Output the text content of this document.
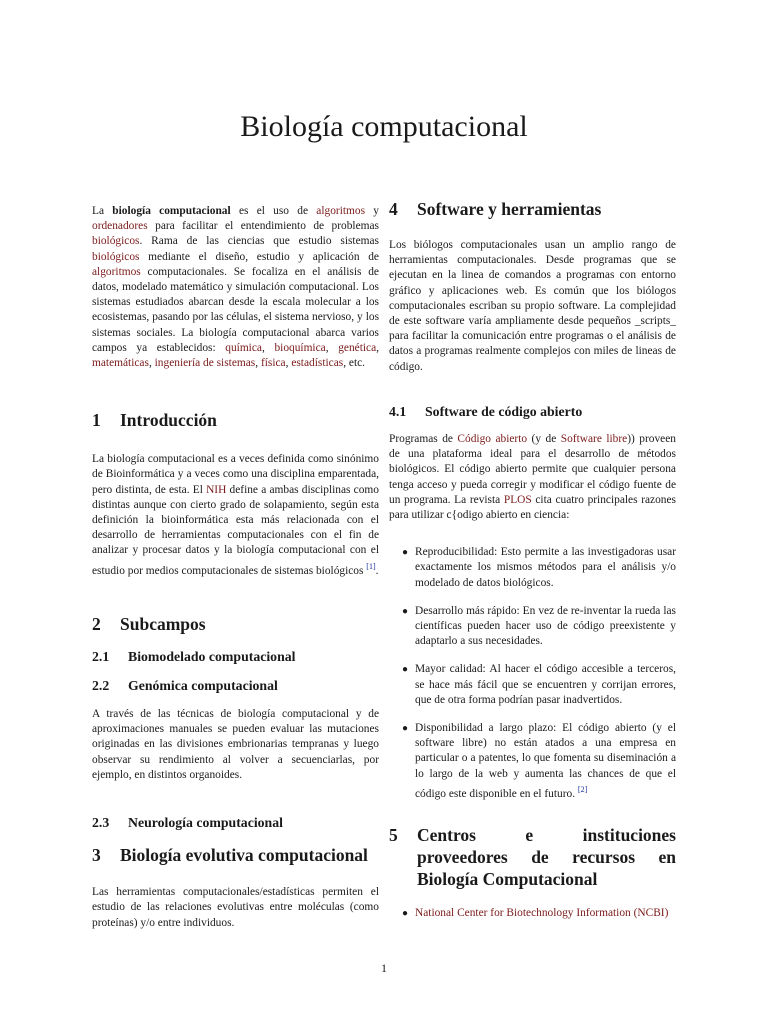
Biología computacional

La biología computacional es el uso de algoritmos y ordenadores para facilitar el entendimiento de problemas biológicos. Rama de las ciencias que estudio sistemas biológicos mediante el diseño, estudio y aplicación de algoritmos computacionales. Se focaliza en el análisis de datos, modelado matemático y simulación computacional. Los sistemas estudiados abarcan desde la escala molecular a los ecosistemas, pasando por las células, el sistema nervioso, y los sistemas sociales. La biología computacional abarca varios campos ya establecidos: química, bioquímica, genética, matemáticas, ingeniería de sistemas, física, estadísticas, etc.

1	Introducción

La biología computacional es a veces definida como sinónimo de Bioinformática y a veces como una disciplina emparentada, pero distinta, de esta. El NIH define a ambas disciplinas como distintas aunque con cierto grado de solapamiento, según esta definición la bioinformática esta más relacionada con el desarrollo de herramientas computacionales con el fin de analizar y procesar datos y la biología computacional con el estudio por medios computacionales de sistemas biológicos [1].

2	Subcampos
2.1	Biomodelado computacional
2.2	Genómica computacional

A través de las técnicas de biología computacional y de aproximaciones manuales se pueden evaluar las mutaciones originadas en las divisiones embrionarias tempranas y luego observar su rendimiento al volver a secuenciarlas, por ejemplo, en distintos organoides.

2.3	Neurología computacional
3	Biología evolutiva computacional

Las herramientas computacionales/estadísticas permiten el estudio de las relaciones evolutivas entre moléculas (como proteínas) y/o entre individuos.

4	Software y herramientas

Los biólogos computacionales usan un amplio rango de herramientas computacionales. Desde programas que se ejecutan en la linea de comandos a programas con entorno gráfico y aplicaciones web. Es común que los biólogos computacionales escriban su propio software. La complejidad de este software varía ampliamente desde pequeños _scripts_ para facilitar la comunicación entre programas o el análisis de datos a programas realmente complejos con miles de lineas de código.

4.1	Software de código abierto

Programas de Código abierto (y de Software libre)) proveen de una plataforma ideal para el desarrollo de métodos biológicos. El código abierto permite que cualquier persona tenga acceso y pueda corregir y modificar el código fuente de un programa. La revista PLOS cita cuatro principales razones para utilizar c{odigo abierto en ciencia:

● Reproducibilidad: Esto permite a las investigadoras usar exactamente los mismos métodos para el análisis y/o modelado de datos biológicos.
● Desarrollo más rápido: En vez de re-inventar la rueda las científicas pueden hacer uso de código preexistente y adaptarlo a sus necesidades.
● Mayor calidad: Al hacer el código accesible a terceros, se hace más fácil que se encuentren y corrijan errores, que de otra forma podrían pasar inadvertidos.
● Disponibilidad a largo plazo: El código abierto (y el software libre) no están atados a una empresa en particular o a patentes, lo que fomenta su diseminación a lo largo de la web y aumenta las chances de que el código este disponible en el futuro. [2]
5	Centros e instituciones proveedores de recursos en Biología Computacional
● National Center for Biotechnology Information (NCBI)
1
